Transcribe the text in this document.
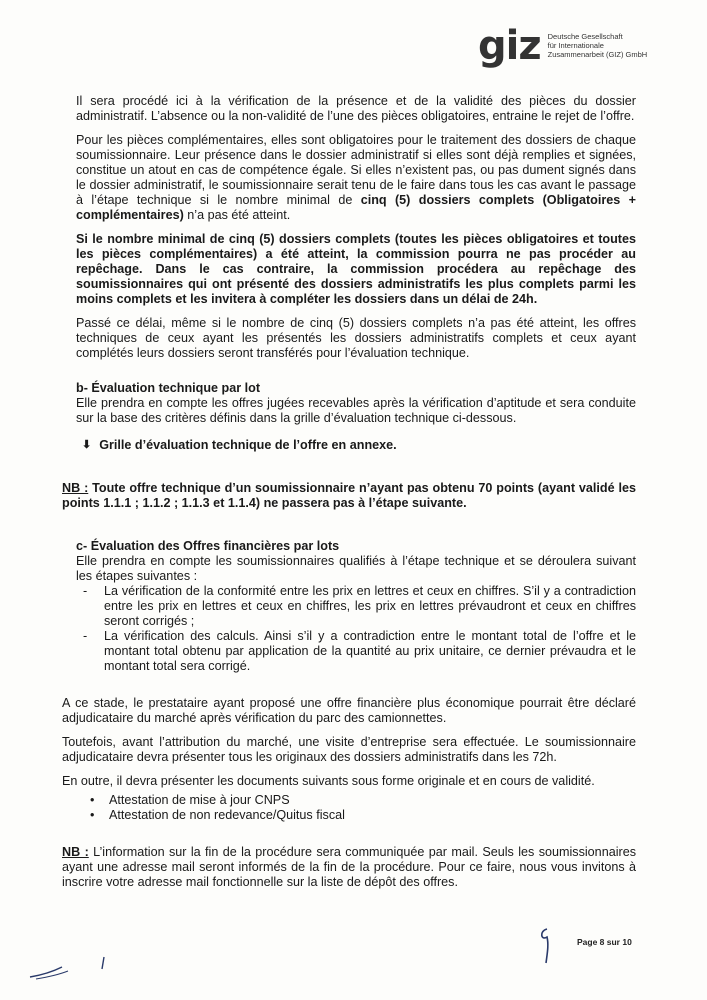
giz Deutsche Gesellschaft
für Internationale
Zusammenarbeit (GIZ) GmbH

Il sera procédé ici à la vérification de la présence et de la validité des pièces du dossier administratif. L’absence ou la non-validité de l’une des pièces obligatoires, entraine le rejet de l’offre.

Pour les pièces complémentaires, elles sont obligatoires pour le traitement des dossiers de chaque soumissionnaire. Leur présence dans le dossier administratif si elles sont déjà remplies et signées, constitue un atout en cas de compétence égale. Si elles n’existent pas, ou pas dument signés dans le dossier administratif, le soumissionnaire serait tenu de le faire dans tous les cas avant le passage à l’étape technique si le nombre minimal de cinq (5) dossiers complets (Obligatoires + complémentaires) n’a pas été atteint.

Si le nombre minimal de cinq (5) dossiers complets (toutes les pièces obligatoires et toutes les pièces complémentaires) a été atteint, la commission pourra ne pas procéder au repêchage. Dans le cas contraire, la commission procédera au repêchage des soumissionnaires qui ont présenté des dossiers administratifs les plus complets parmi les moins complets et les invitera à compléter les dossiers dans un délai de 24h.

Passé ce délai, même si le nombre de cinq (5) dossiers complets n’a pas été atteint, les offres techniques de ceux ayant les présentés les dossiers administratifs complets et ceux ayant complétés leurs dossiers seront transférés pour l’évaluation technique.

b- Évaluation technique par lot

Elle prendra en compte les offres jugées recevables après la vérification d’aptitude et sera conduite sur la base des critères définis dans la grille d’évaluation technique ci-dessous.

⬇ Grille d’évaluation technique de l’offre en annexe.

NB : Toute offre technique d’un soumissionnaire n’ayant pas obtenu 70 points (ayant validé les points 1.1.1 ; 1.1.2 ; 1.1.3 et 1.1.4) ne passera pas à l’étape suivante.

c- Évaluation des Offres financières par lots
Elle prendra en compte les soumissionnaires qualifiés à l’étape technique et se déroulera suivant les étapes suivantes :
- La vérification de la conformité entre les prix en lettres et ceux en chiffres. S’il y a contradiction entre les prix en lettres et ceux en chiffres, les prix en lettres prévaudront et ceux en chiffres seront corrigés ;
- La vérification des calculs. Ainsi s’il y a contradiction entre le montant total de l’offre et le montant total obtenu par application de la quantité au prix unitaire, ce dernier prévaudra et le montant total sera corrigé.

A ce stade, le prestataire ayant proposé une offre financière plus économique pourrait être déclaré adjudicataire du marché après vérification du parc des camionnettes.

Toutefois, avant l’attribution du marché, une visite d’entreprise sera effectuée. Le soumissionnaire adjudicataire devra présenter tous les originaux des dossiers administratifs dans les 72h.

En outre, il devra présenter les documents suivants sous forme originale et en cours de validité.
• Attestation de mise à jour CNPS
• Attestation de non redevance/Quitus fiscal

NB : L’information sur la fin de la procédure sera communiquée par mail. Seuls les soumissionnaires ayant une adresse mail seront informés de la fin de la procédure. Pour ce faire, nous vous invitons à inscrire votre adresse mail fonctionnelle sur la liste de dépôt des offres.

Page 8 sur 10
